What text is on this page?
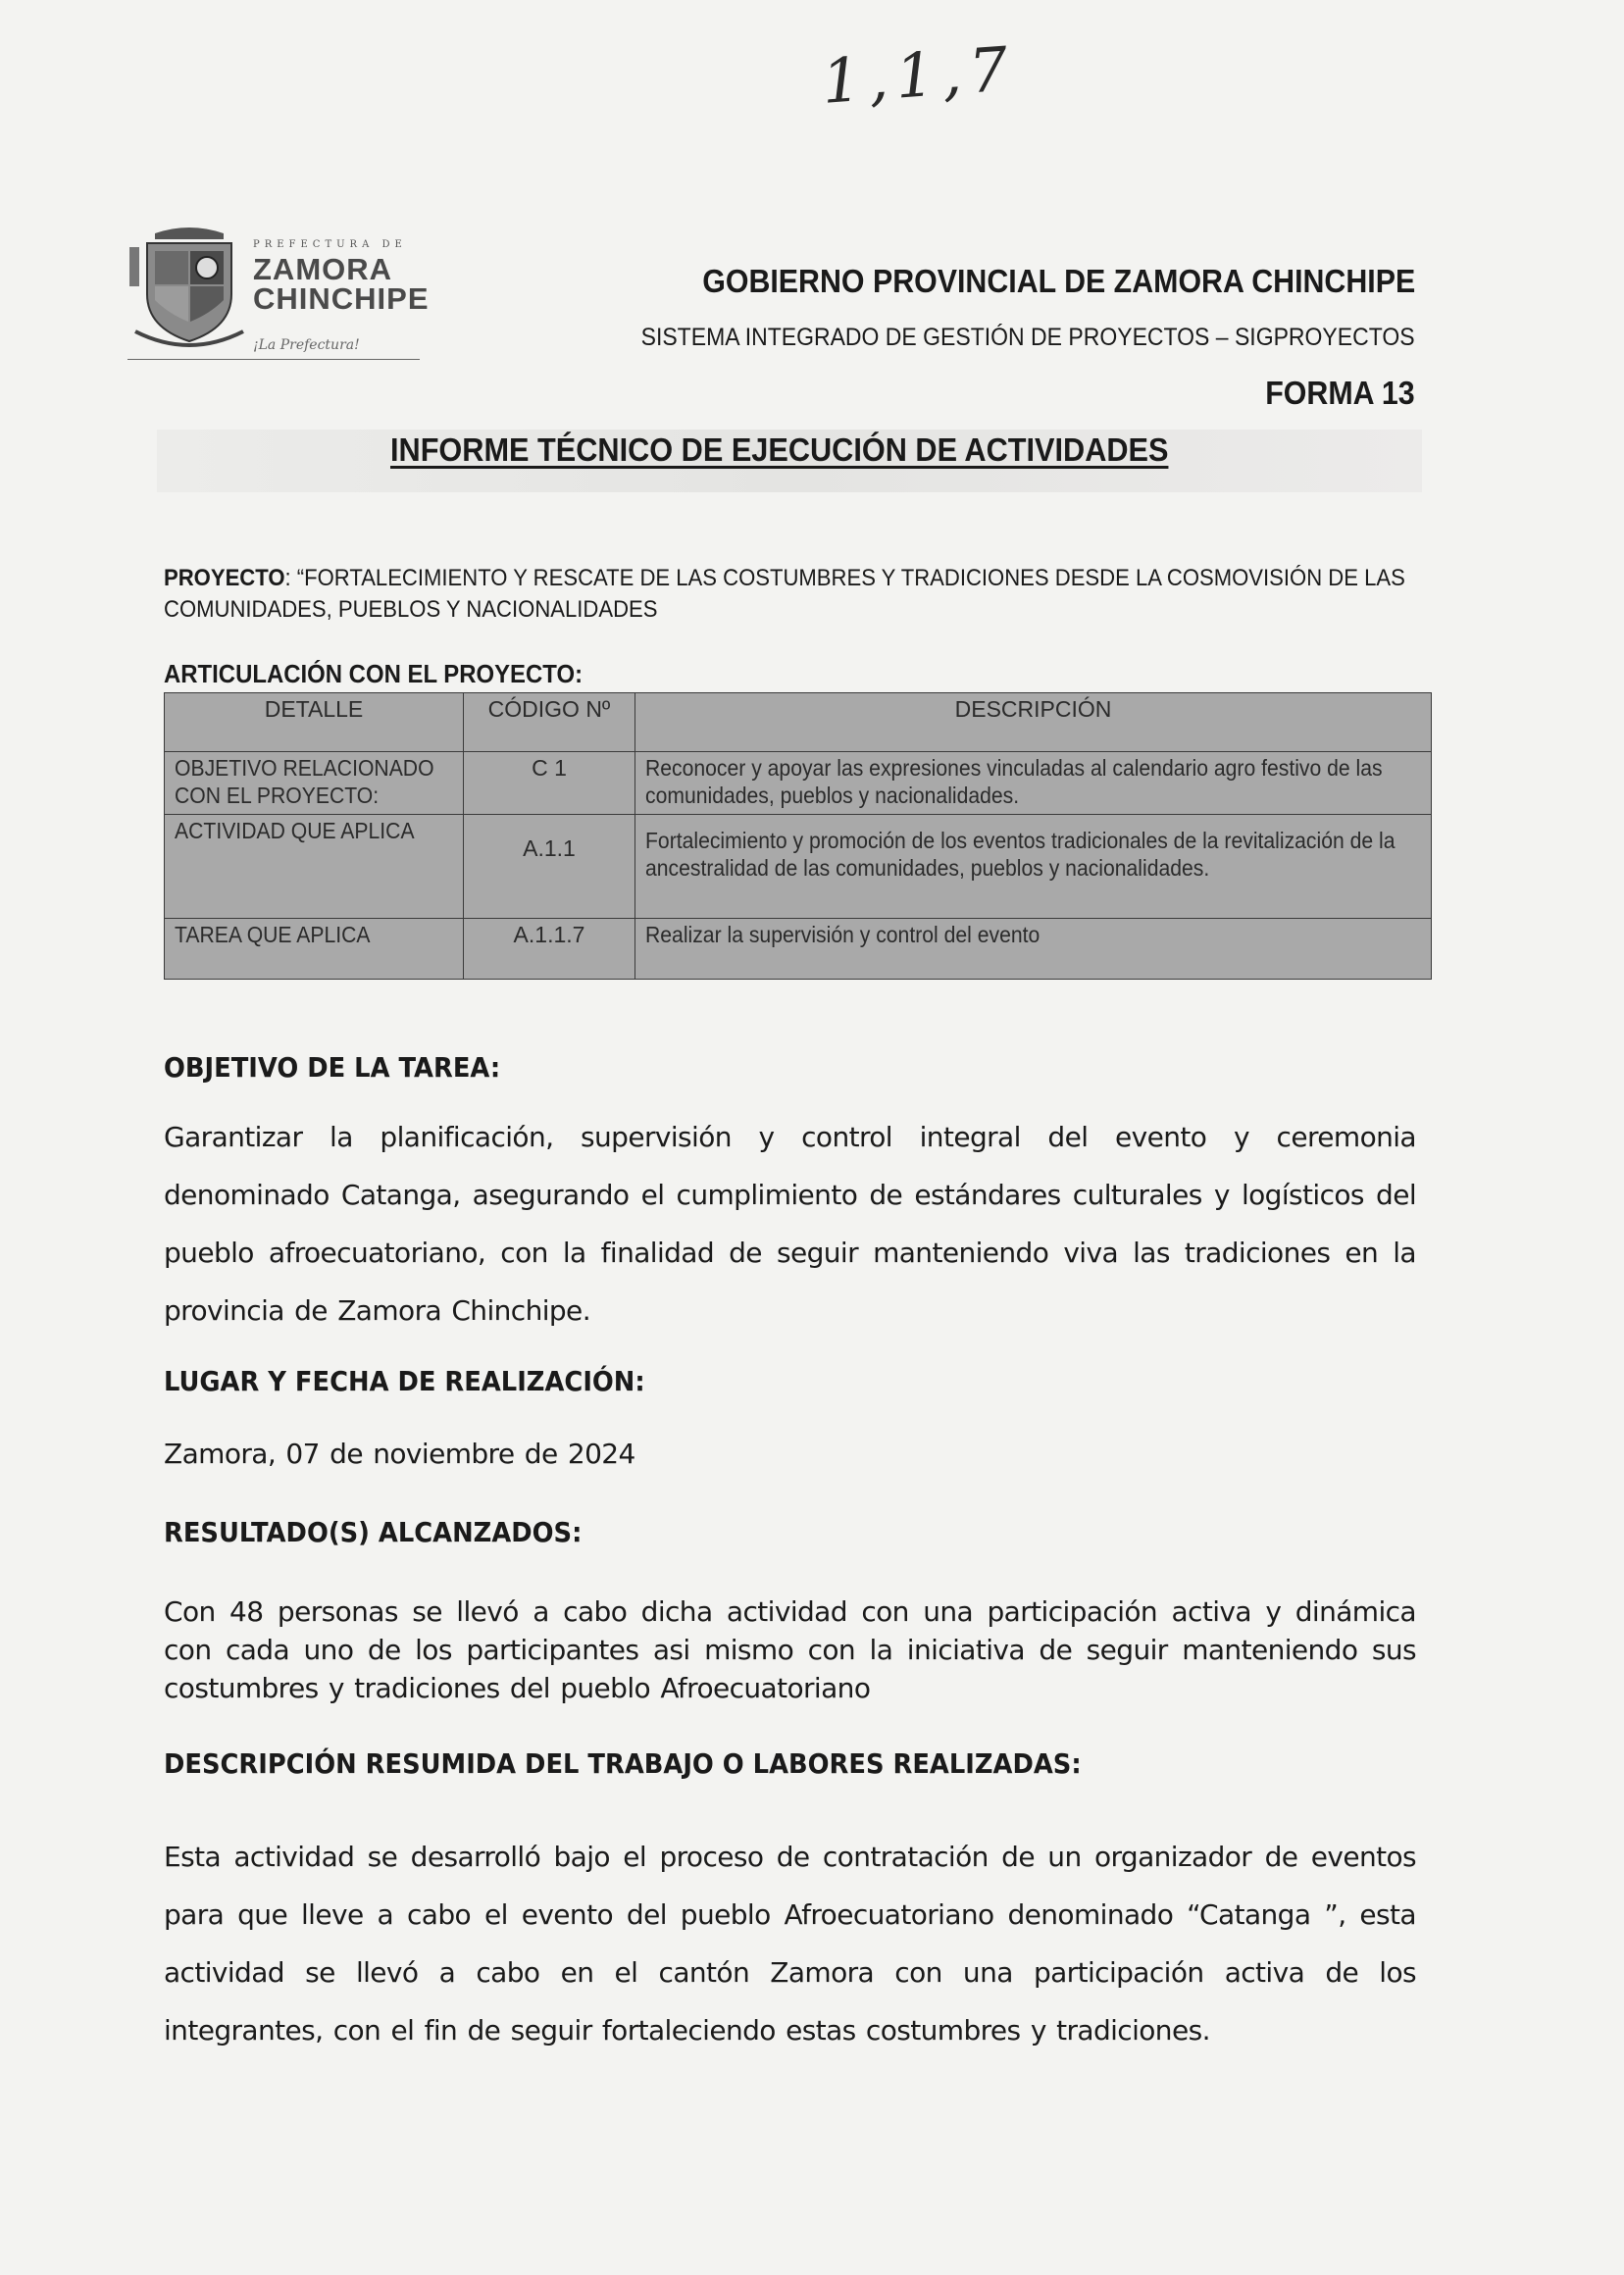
1,1,7
PREFECTURA DE
ZAMORA
CHINCHIPE
¡La Prefectura!
GOBIERNO PROVINCIAL DE ZAMORA CHINCHIPE
SISTEMA INTEGRADO DE GESTIÓN DE PROYECTOS – SIGPROYECTOS
FORMA 13
INFORME TÉCNICO DE EJECUCIÓN DE ACTIVIDADES
PROYECTO: “FORTALECIMIENTO Y RESCATE DE LAS COSTUMBRES Y TRADICIONES DESDE LA COSMOVISIÓN DE LAS COMUNIDADES, PUEBLOS Y NACIONALIDADES
ARTICULACIÓN CON EL PROYECTO:
DETALLE	CÓDIGO Nº	DESCRIPCIÓN
OBJETIVO RELACIONADO CON EL PROYECTO:	C 1	Reconocer y apoyar las expresiones vinculadas al calendario agro festivo de las comunidades, pueblos y nacionalidades.
ACTIVIDAD QUE APLICA	A.1.1	Fortalecimiento y promoción de los eventos tradicionales de la revitalización de la ancestralidad de las comunidades, pueblos y nacionalidades.
TAREA QUE APLICA	A.1.1.7	Realizar la supervisión y control del evento
OBJETIVO DE LA TAREA:
Garantizar la planificación, supervisión y control integral del evento y ceremonia denominado Catanga, asegurando el cumplimiento de estándares culturales y logísticos del pueblo afroecuatoriano, con la finalidad de seguir manteniendo viva las tradiciones en la provincia de Zamora Chinchipe.
LUGAR Y FECHA DE REALIZACIÓN:
Zamora, 07 de noviembre de 2024
RESULTADO(S) ALCANZADOS:
Con 48 personas se llevó a cabo dicha actividad con una participación activa y dinámica con cada uno de los participantes asi mismo con la iniciativa de seguir manteniendo sus costumbres y tradiciones del pueblo Afroecuatoriano
DESCRIPCIÓN RESUMIDA DEL TRABAJO O LABORES REALIZADAS:
Esta actividad se desarrolló bajo el proceso de contratación de un organizador de eventos para que lleve a cabo el evento del pueblo Afroecuatoriano denominado “Catanga ”, esta actividad se llevó a cabo en el cantón Zamora con una participación activa de los integrantes, con el fin de seguir fortaleciendo estas costumbres y tradiciones.
